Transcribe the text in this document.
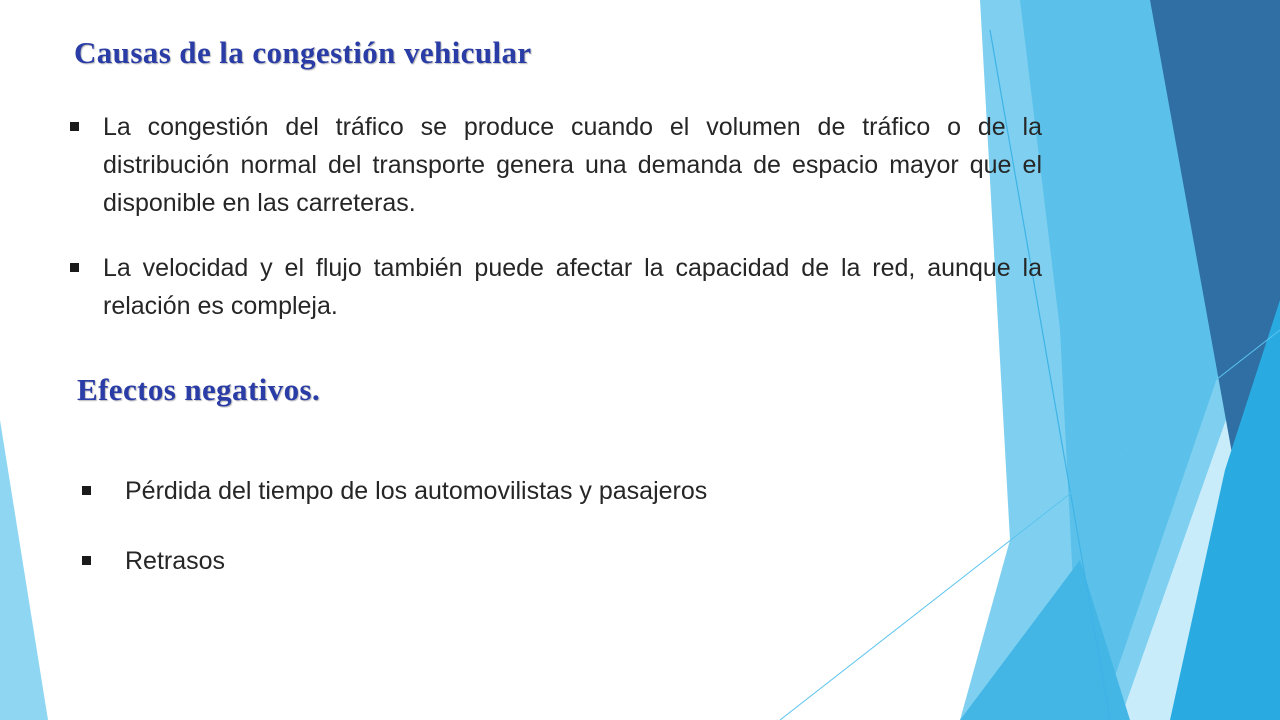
Causas de la congestión vehicular
La congestión del tráfico se produce cuando el volumen de tráfico o de la distribución normal del transporte genera una demanda de espacio mayor que el disponible en las carreteras.
La velocidad y el flujo también puede afectar la capacidad de la red, aunque la relación es compleja.
Efectos negativos.
Pérdida del tiempo de los automovilistas y pasajeros
Retrasos
